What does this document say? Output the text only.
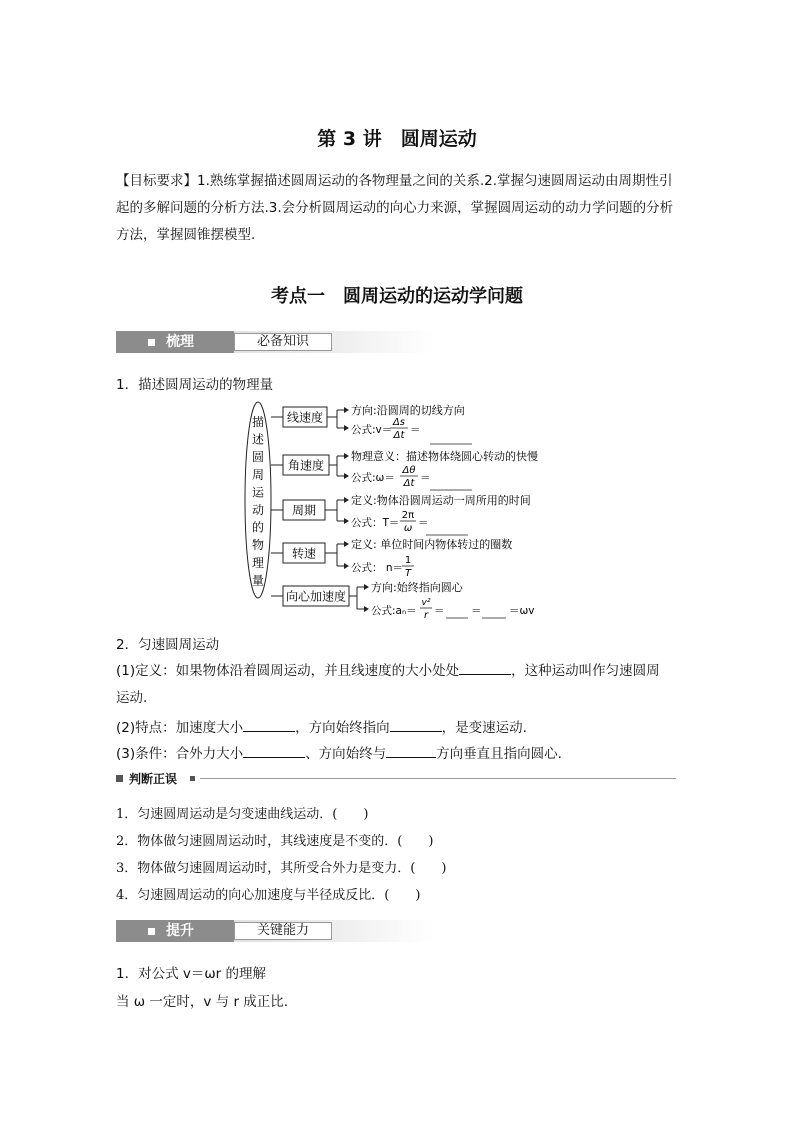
第 3 讲　圆周运动
【目标要求】1.熟练掌握描述圆周运动的各物理量之间的关系.2.掌握匀速圆周运动由周期性引起的多解问题的分析方法.3.会分析圆周运动的向心力来源，掌握圆周运动的动力学问题的分析方法，掌握圆锥摆模型.
考点一　圆周运动的运动学问题
梳理	必备知识
1．描述圆周运动的物理量
描
述
圆
周
运
动
的
物
理
量
线速度	方向:沿圆周的切线方向
公式:v＝
Δs
Δt ＝
角速度
物理意义：描述物体绕圆心转动的快慢
公式:ω＝
Δθ
Δt ＝
周期
定义:物体沿圆周运动一周所用的时间
公式：T＝
2π
ω ＝
转速
定义: 单位时间内物体转过的圈数
公式： n＝
1
T
向心加速度
方向:始终指向圆心
公式:aₙ＝
v²
r ＝	＝	＝ωv
2．匀速圆周运动
(1)定义：如果物体沿着圆周运动，并且线速度的大小处处	，这种运动叫作匀速圆周
运动.
(2)特点：加速度大小	，方向始终指向	，是变速运动.
(3)条件：合外力大小	、方向始终与	方向垂直且指向圆心.
判断正误
1．匀速圆周运动是匀变速曲线运动．(　　)
2．物体做匀速圆周运动时，其线速度是不变的．(　　)
3．物体做匀速圆周运动时，其所受合外力是变力．(　　)
4．匀速圆周运动的向心加速度与半径成反比．(　　)
提升	关键能力
1．对公式 v＝ωr 的理解
当 ω 一定时，v 与 r 成正比.
